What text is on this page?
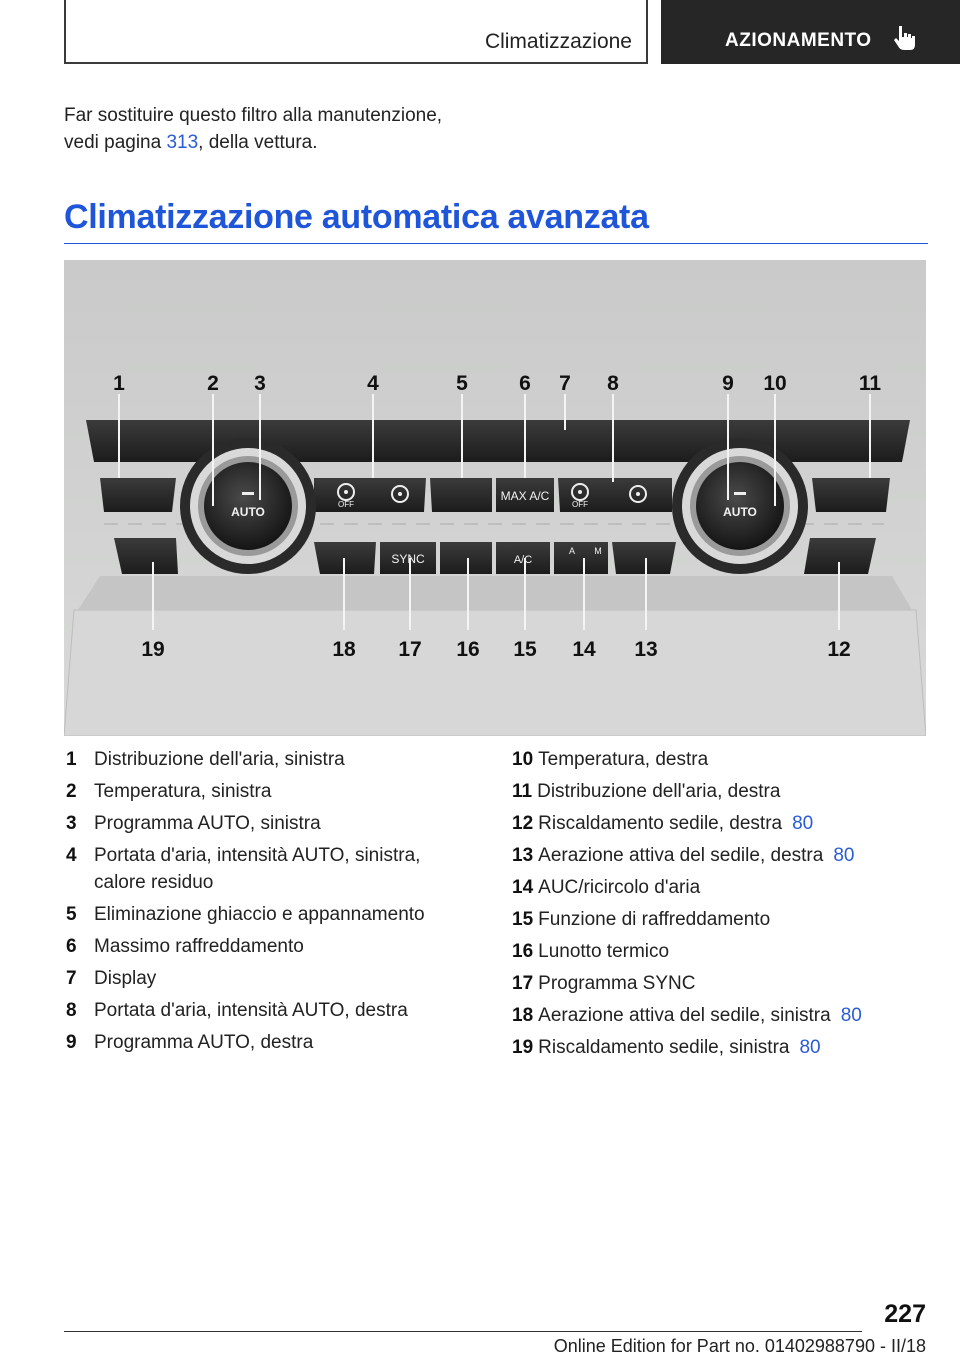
Climatizzazione	AZIONAMENTO
Far sostituire questo filtro alla manutenzione,
vedi pagina 313, della vettura.
Climatizzazione automatica avanzata
AUTO	AUTO
OFF	OFF
MAX A/C
SYNC	A/C
A M
1	2 3	4	5 6 7 8	9 10	11
19	18 17 16 15 14 13	12
1 Distribuzione dell'aria, sinistra
2 Temperatura, sinistra
3 Programma AUTO, sinistra
4 Portata d'aria, intensità AUTO, sinistra, calore residuo
5 Eliminazione ghiaccio e appannamento
6 Massimo raffreddamento
7 Display
8 Portata d'aria, intensità AUTO, destra
9 Programma AUTO, destra
10 Temperatura, destra
11 Distribuzione dell'aria, destra
12 Riscaldamento sedile, destra 80
13 Aerazione attiva del sedile, destra 80
14 AUC/ricircolo d'aria
15 Funzione di raffreddamento
16 Lunotto termico
17 Programma SYNC
18 Aerazione attiva del sedile, sinistra 80
19 Riscaldamento sedile, sinistra 80
227
Online Edition for Part no. 01402988790 - II/18
